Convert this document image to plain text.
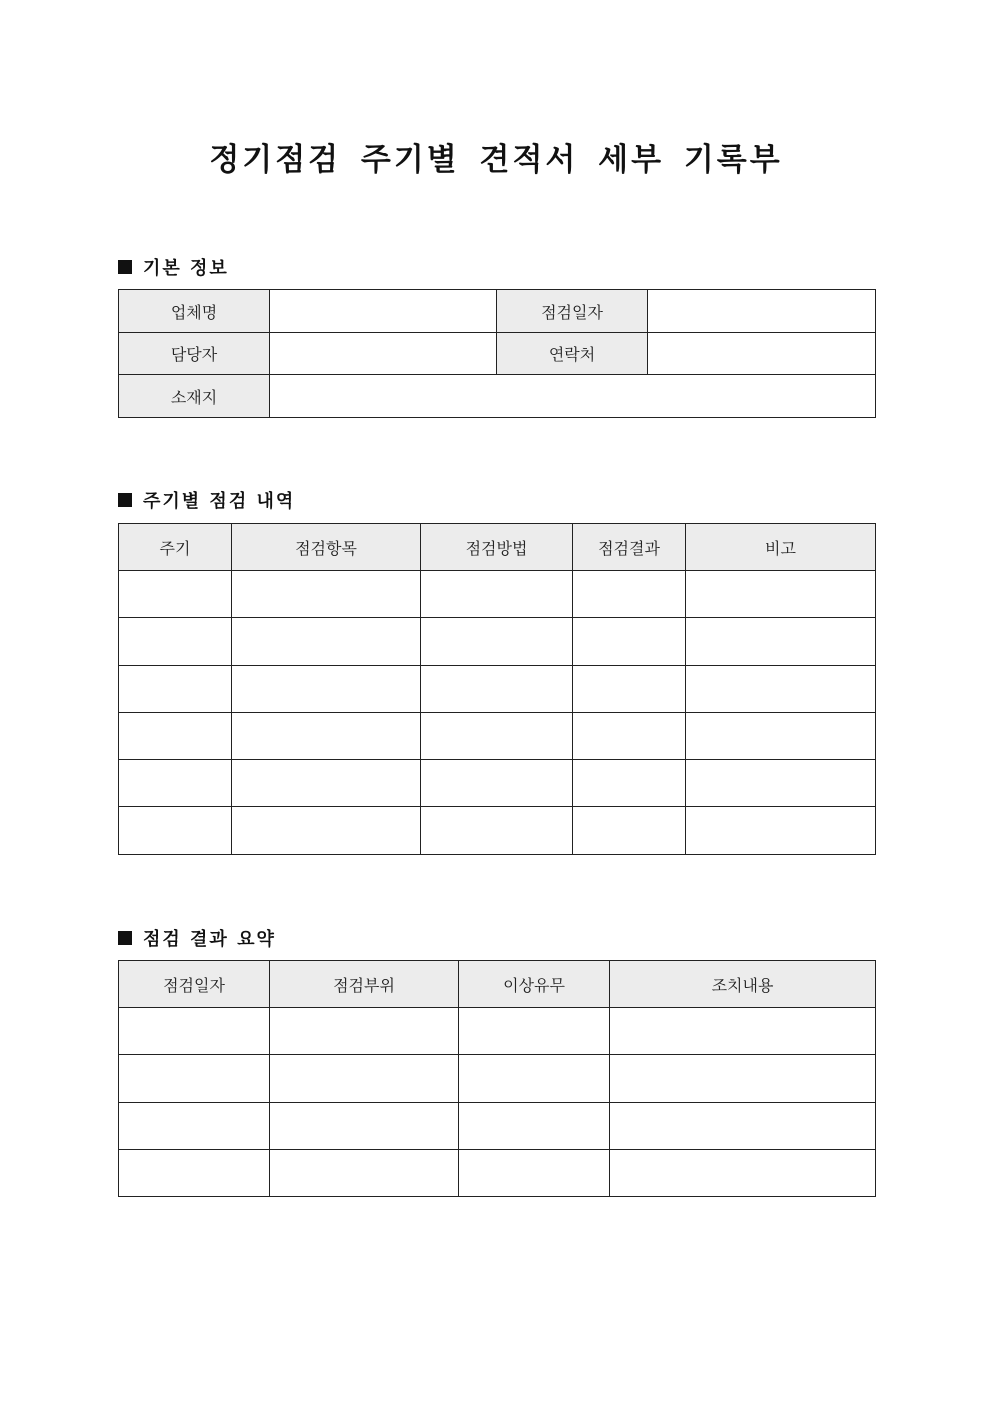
정기점검 주기별 견적서 세부 기록부
기본 정보
업체명		점검일자	
담당자		연락처	
소재지			
주기별 점검 내역
주기	점검항목	점검방법	점검결과	비고

점검 결과 요약
점검일자	점검부위	이상유무	조치내용
